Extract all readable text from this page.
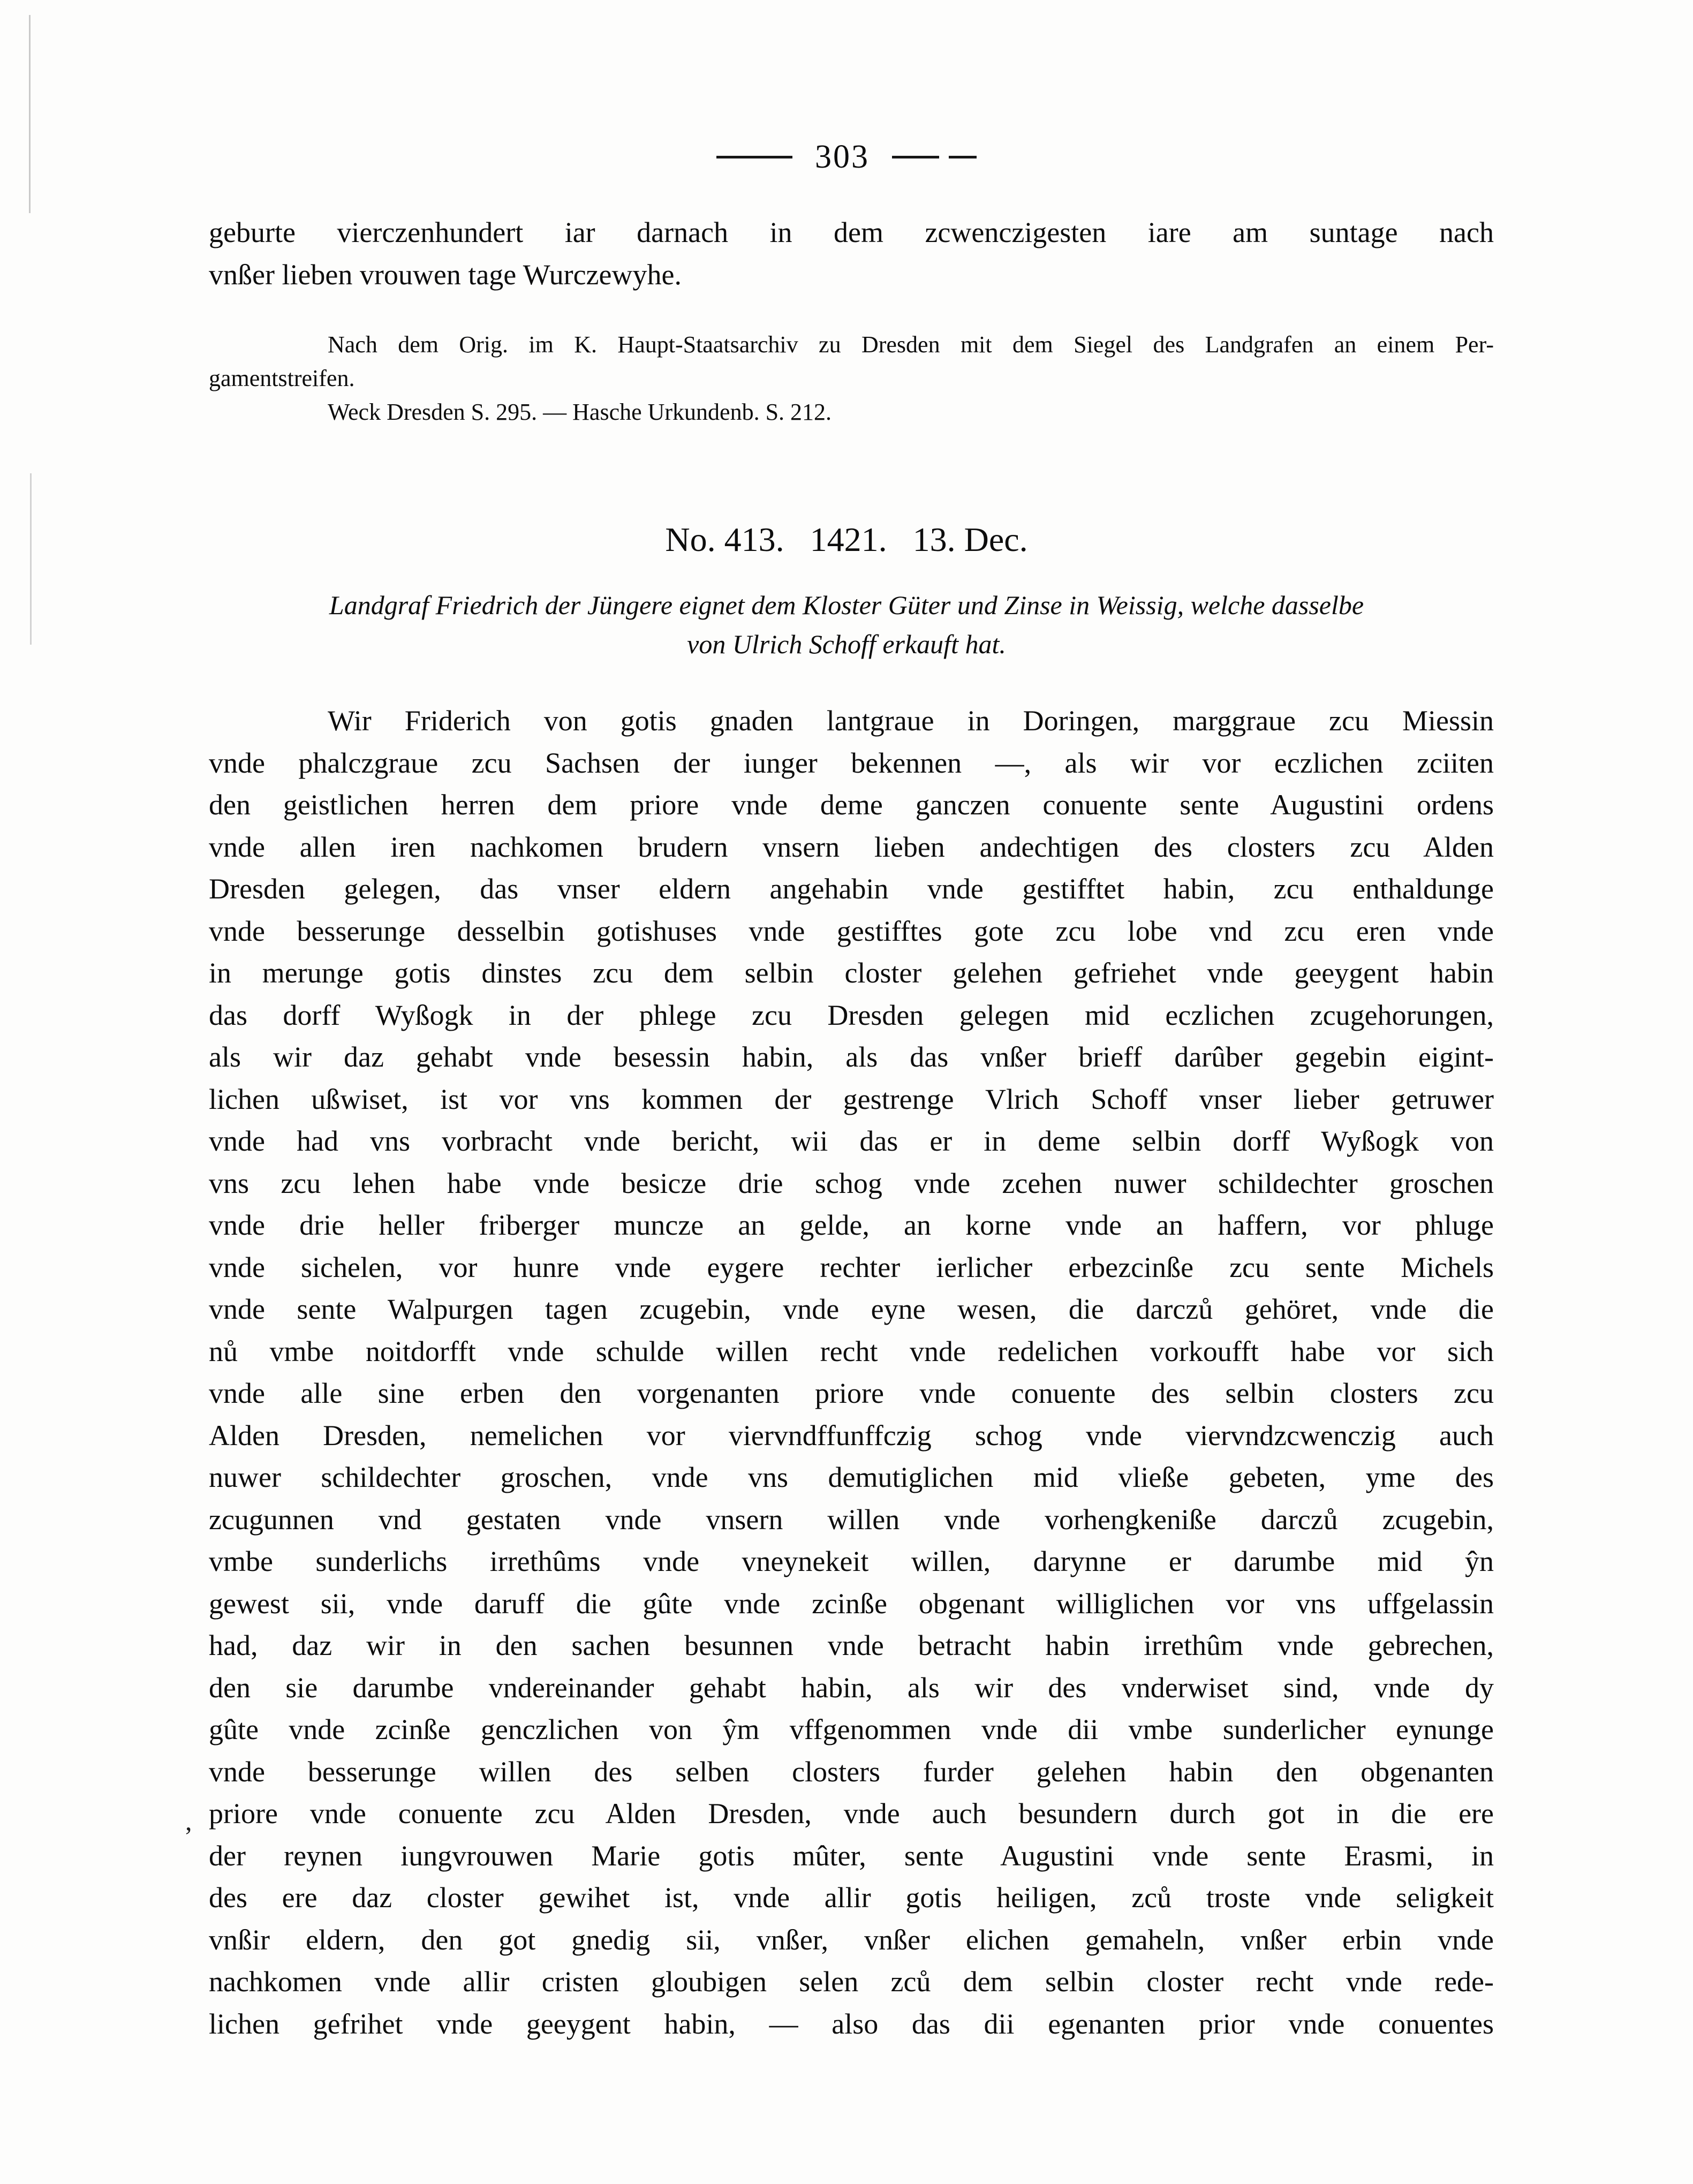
,
303
geburte vierczenhundert iar darnach in dem zcwenczigesten iare am suntage nach
vnßer lieben vrouwen tage Wurczewyhe.
Nach dem Orig. im K. Haupt-Staatsarchiv zu Dresden mit dem Siegel des Landgrafen an einem Per-
gamentstreifen.
Weck Dresden S. 295. — Hasche Urkundenb. S. 212.
No. 413. 1421. 13. Dec.
Landgraf Friedrich der Jüngere eignet dem Kloster Güter und Zinse in Weissig, welche dasselbe
von Ulrich Schoff erkauft hat.
Wir Friderich von gotis gnaden lantgraue in Doringen, marggraue zcu Miessin
vnde phalczgraue zcu Sachsen der iunger bekennen —, als wir vor eczlichen zciiten
den geistlichen herren dem priore vnde deme ganczen conuente sente Augustini ordens
vnde allen iren nachkomen brudern vnsern lieben andechtigen des closters zcu Alden
Dresden gelegen, das vnser eldern angehabin vnde gestifftet habin, zcu enthaldunge
vnde besserunge desselbin gotishuses vnde gestifftes gote zcu lobe vnd zcu eren vnde
in merunge gotis dinstes zcu dem selbin closter gelehen gefriehet vnde geeygent habin
das dorff Wyßogk in der phlege zcu Dresden gelegen mid eczlichen zcugehorungen,
als wir daz gehabt vnde besessin habin, als das vnßer brieff darûber gegebin eigint-
lichen ußwiset, ist vor vns kommen der gestrenge Vlrich Schoff vnser lieber getruwer
vnde had vns vorbracht vnde bericht, wii das er in deme selbin dorff Wyßogk von
vns zcu lehen habe vnde besicze drie schog vnde zcehen nuwer schildechter groschen
vnde drie heller friberger muncze an gelde, an korne vnde an haffern, vor phluge
vnde sichelen, vor hunre vnde eygere rechter ierlicher erbezcinße zcu sente Michels
vnde sente Walpurgen tagen zcugebin, vnde eyne wesen, die darczů gehöret, vnde die
nů vmbe noitdorfft vnde schulde willen recht vnde redelichen vorkoufft habe vor sich
vnde alle sine erben den vorgenanten priore vnde conuente des selbin closters zcu
Alden Dresden, nemelichen vor viervndffunffczig schog vnde viervndzcwenczig auch
nuwer schildechter groschen, vnde vns demutiglichen mid vließe gebeten, yme des
zcugunnen vnd gestaten vnde vnsern willen vnde vorhengkeniße darczů zcugebin,
vmbe sunderlichs irrethûms vnde vneynekeit willen, darynne er darumbe mid ŷn
gewest sii, vnde daruff die gûte vnde zcinße obgenant williglichen vor vns uffgelassin
had, daz wir in den sachen besunnen vnde betracht habin irrethûm vnde gebrechen,
den sie darumbe vndereinander gehabt habin, als wir des vnderwiset sind, vnde dy
gûte vnde zcinße genczlichen von ŷm vffgenommen vnde dii vmbe sunderlicher eynunge
vnde besserunge willen des selben closters furder gelehen habin den obgenanten
priore vnde conuente zcu Alden Dresden, vnde auch besundern durch got in die ere
der reynen iungvrouwen Marie gotis mûter, sente Augustini vnde sente Erasmi, in
des ere daz closter gewihet ist, vnde allir gotis heiligen, zců troste vnde seligkeit
vnßir eldern, den got gnedig sii, vnßer, vnßer elichen gemaheln, vnßer erbin vnde
nachkomen vnde allir cristen gloubigen selen zců dem selbin closter recht vnde rede-
lichen gefrihet vnde geeygent habin, — also das dii egenanten prior vnde conuentes
